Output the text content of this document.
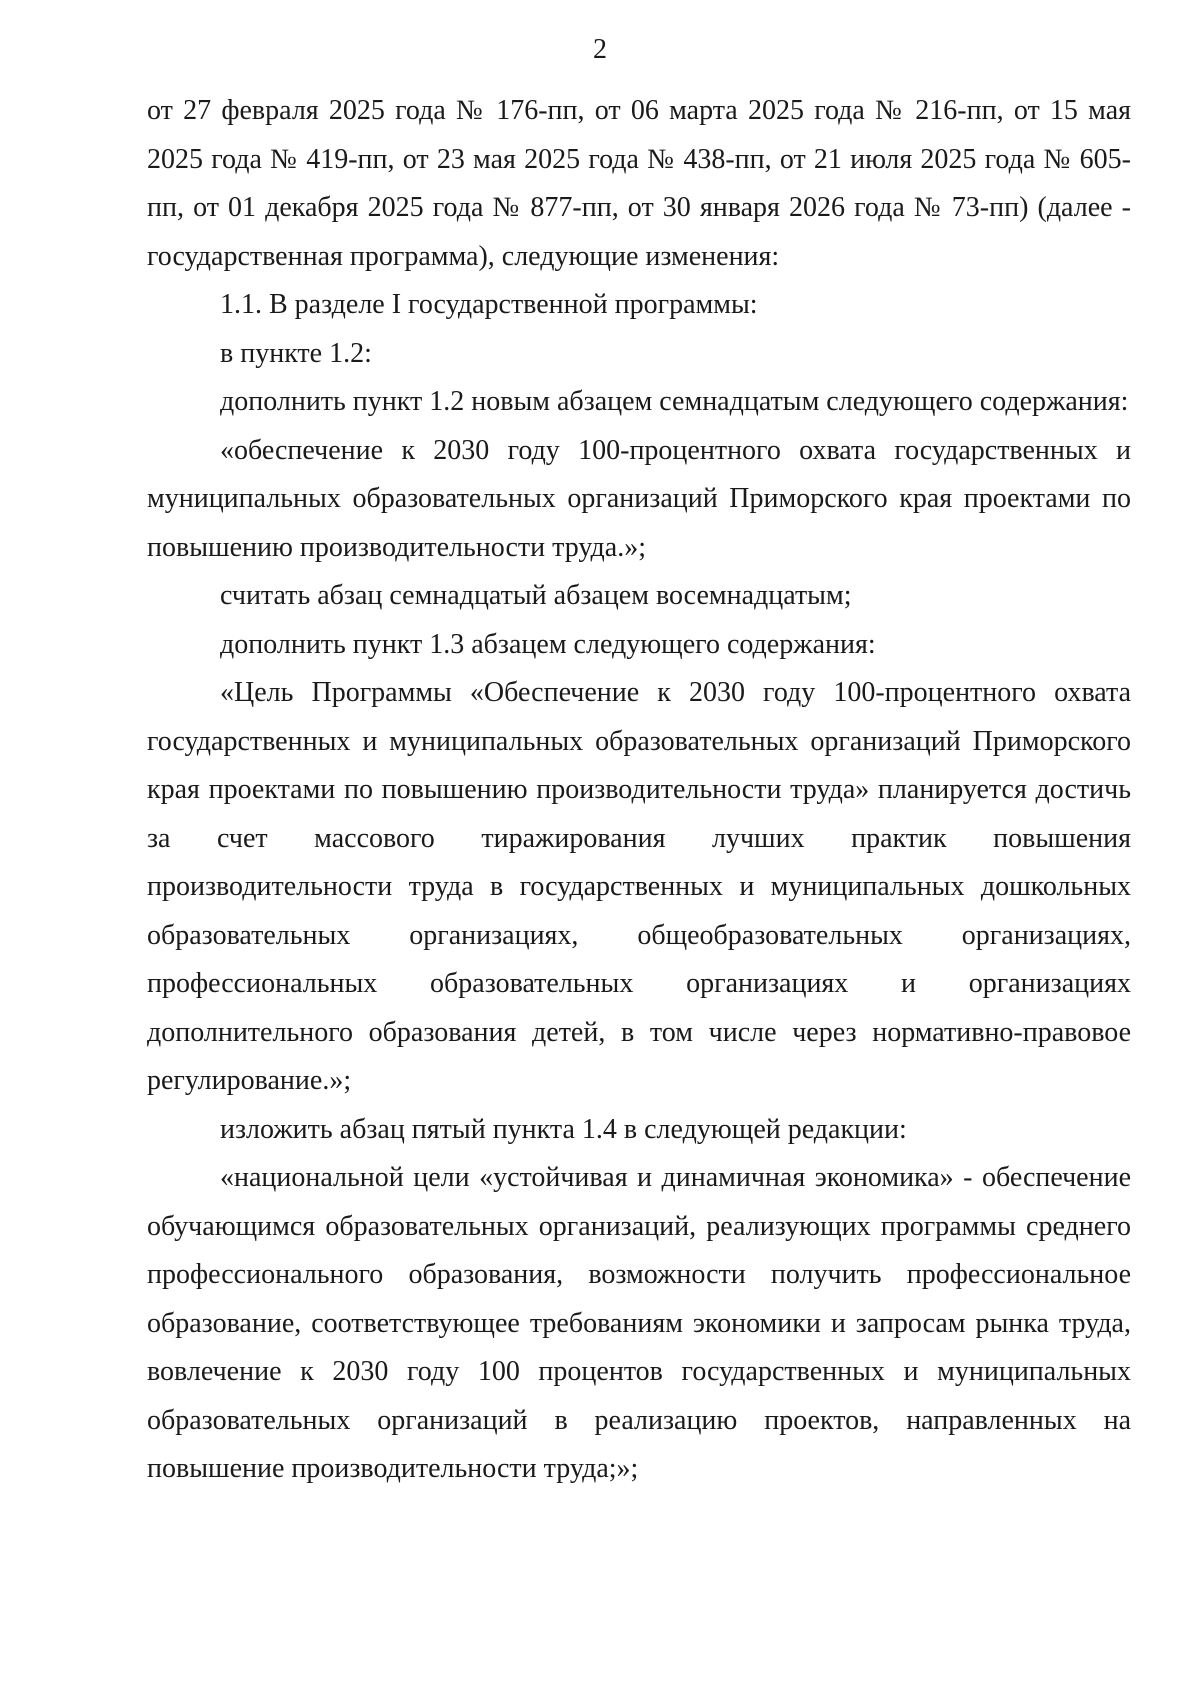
2

от 27 февраля 2025 года № 176-пп, от 06 марта 2025 года № 216-пп, от 15 мая 2025 года № 419-пп, от 23 мая 2025 года № 438-пп, от 21 июля 2025 года № 605-пп, от 01 декабря 2025 года № 877-пп, от 30 января 2026 года № 73-пп) (далее - государственная программа), следующие изменения:

1.1. В разделе I государственной программы:

в пункте 1.2:

дополнить пункт 1.2 новым абзацем семнадцатым следующего содержания:

«обеспечение к 2030 году 100-процентного охвата государственных и муниципальных образовательных организаций Приморского края проектами по повышению производительности труда.»;

считать абзац семнадцатый абзацем восемнадцатым;

дополнить пункт 1.3 абзацем следующего содержания:

«Цель Программы «Обеспечение к 2030 году 100-процентного охвата государственных и муниципальных образовательных организаций Приморского края проектами по повышению производительности труда» планируется достичь за счет массового тиражирования лучших практик повышения производительности труда в государственных и муниципальных дошкольных образовательных организациях, общеобразовательных организациях, профессиональных образовательных организациях и организациях дополнительного образования детей, в том числе через нормативно-правовое регулирование.»;

изложить абзац пятый пункта 1.4 в следующей редакции:

«национальной цели «устойчивая и динамичная экономика» - обеспечение обучающимся образовательных организаций, реализующих программы среднего профессионального образования, возможности получить профессиональное образование, соответствующее требованиям экономики и запросам рынка труда, вовлечение к 2030 году 100 процентов государственных и муниципальных образовательных организаций в реализацию проектов, направленных на повышение производительности труда;»;
